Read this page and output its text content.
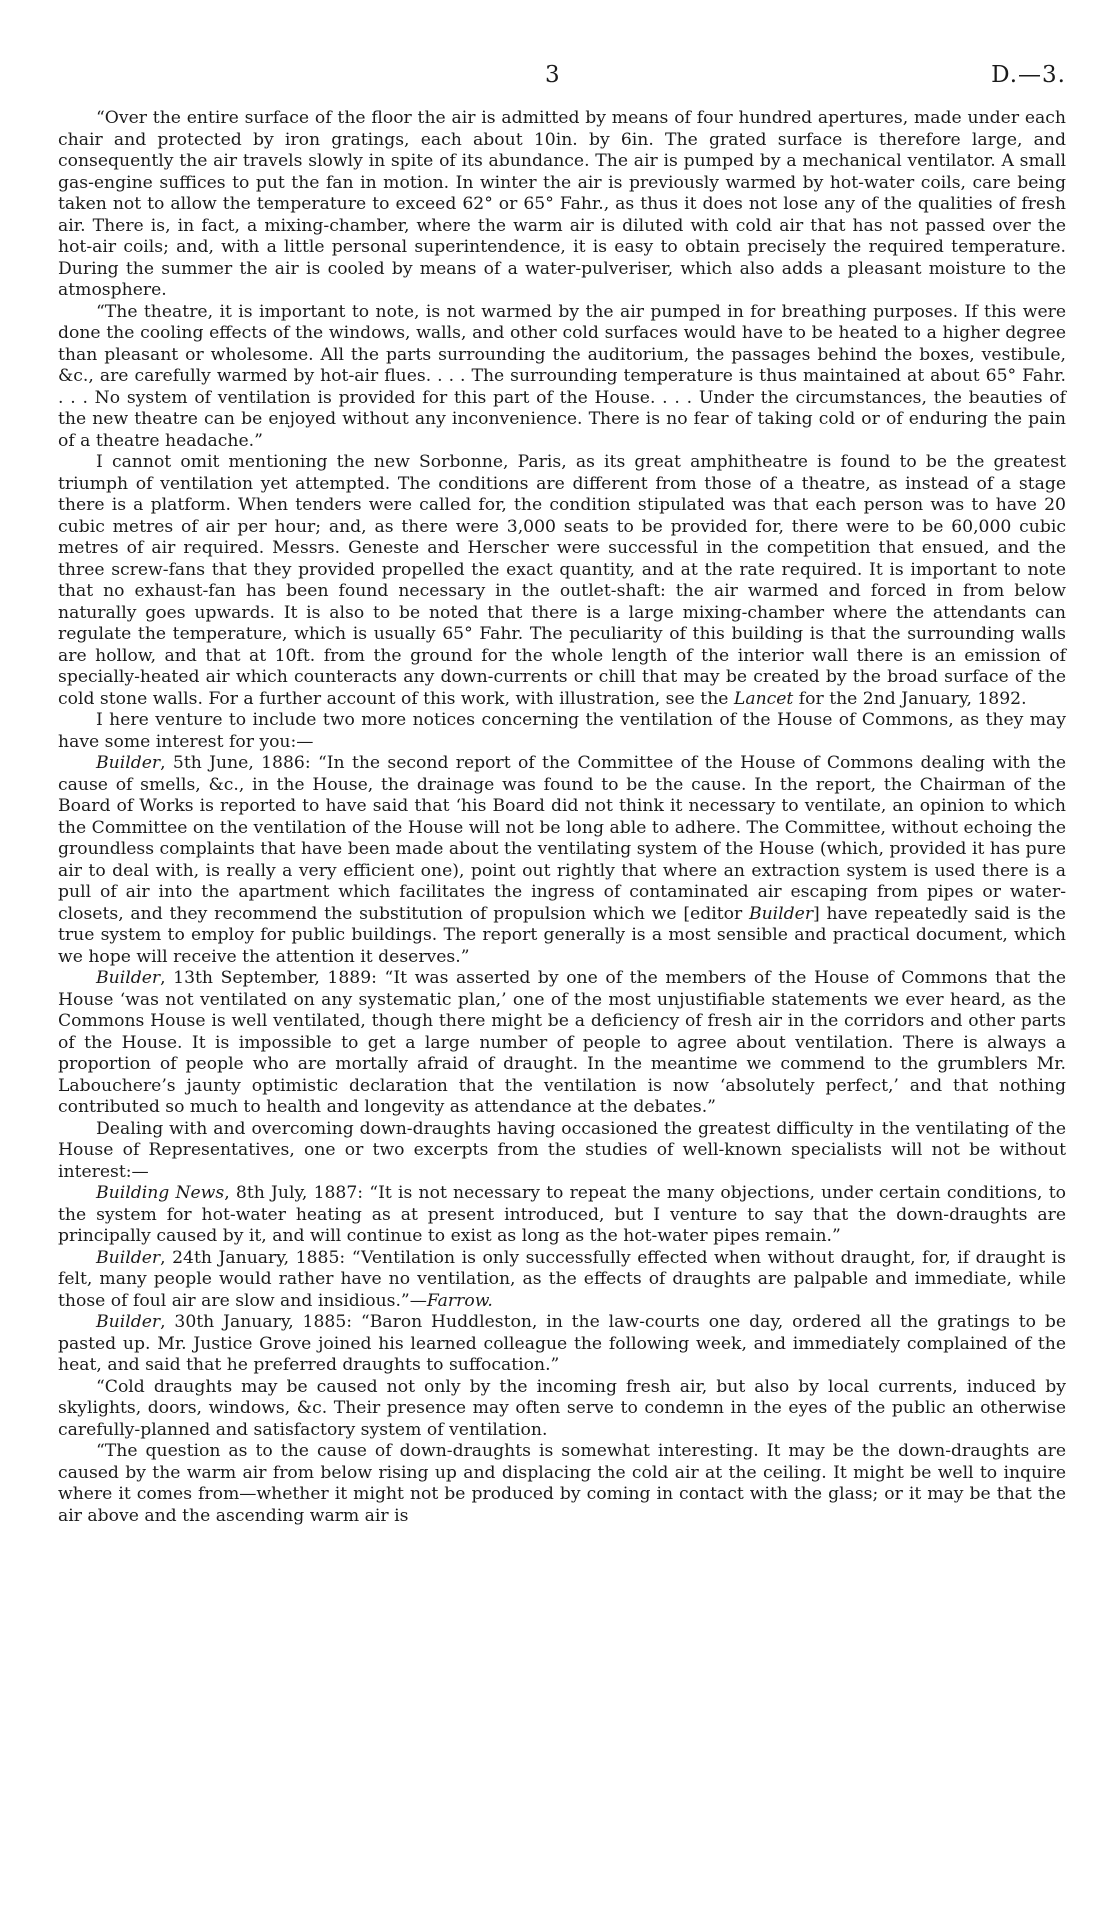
3	D.—3.

“Over the entire surface of the floor the air is admitted by means of four hundred apertures, made under each chair and protected by iron gratings, each about 10in. by 6in. The grated surface is therefore large, and consequently the air travels slowly in spite of its abundance. The air is pumped by a mechanical ventilator. A small gas-engine suffices to put the fan in motion. In winter the air is previously warmed by hot-water coils, care being taken not to allow the temperature to exceed 62° or 65° Fahr., as thus it does not lose any of the qualities of fresh air. There is, in fact, a mixing-chamber, where the warm air is diluted with cold air that has not passed over the hot-air coils; and, with a little personal superintendence, it is easy to obtain precisely the required temperature. During the summer the air is cooled by means of a water-pulveriser, which also adds a pleasant moisture to the atmosphere.

“The theatre, it is important to note, is not warmed by the air pumped in for breathing purposes. If this were done the cooling effects of the windows, walls, and other cold surfaces would have to be heated to a higher degree than pleasant or wholesome. All the parts surrounding the auditorium, the passages behind the boxes, vestibule, &c., are carefully warmed by hot-air flues. . . . The surrounding temperature is thus maintained at about 65° Fahr. . . . No system of ventilation is provided for this part of the House. . . . Under the circumstances, the beauties of the new theatre can be enjoyed without any inconvenience. There is no fear of taking cold or of enduring the pain of a theatre headache.”

I cannot omit mentioning the new Sorbonne, Paris, as its great amphitheatre is found to be the greatest triumph of ventilation yet attempted. The conditions are different from those of a theatre, as instead of a stage there is a platform. When tenders were called for, the condition stipulated was that each person was to have 20 cubic metres of air per hour; and, as there were 3,000 seats to be provided for, there were to be 60,000 cubic metres of air required. Messrs. Geneste and Herscher were successful in the competition that ensued, and the three screw-fans that they provided propelled the exact quantity, and at the rate required. It is important to note that no exhaust-fan has been found necessary in the outlet-shaft: the air warmed and forced in from below naturally goes upwards. It is also to be noted that there is a large mixing-chamber where the attendants can regulate the temperature, which is usually 65° Fahr. The peculiarity of this building is that the surrounding walls are hollow, and that at 10ft. from the ground for the whole length of the interior wall there is an emission of specially-heated air which counteracts any down-currents or chill that may be created by the broad surface of the cold stone walls. For a further account of this work, with illustration, see the Lancet for the 2nd January, 1892.

I here venture to include two more notices concerning the ventilation of the House of Commons, as they may have some interest for you:—

Builder, 5th June, 1886: “In the second report of the Committee of the House of Commons dealing with the cause of smells, &c., in the House, the drainage was found to be the cause. In the report, the Chairman of the Board of Works is reported to have said that ‘his Board did not think it necessary to ventilate, an opinion to which the Committee on the ventilation of the House will not be long able to adhere. The Committee, without echoing the groundless complaints that have been made about the ventilating system of the House (which, provided it has pure air to deal with, is really a very efficient one), point out rightly that where an extraction system is used there is a pull of air into the apartment which facilitates the ingress of contaminated air escaping from pipes or water-closets, and they recommend the substitution of propulsion which we [editor Builder] have repeatedly said is the true system to employ for public buildings. The report generally is a most sensible and practical document, which we hope will receive the attention it deserves.”

Builder, 13th September, 1889: “It was asserted by one of the members of the House of Commons that the House ‘was not ventilated on any systematic plan,’ one of the most unjustifiable statements we ever heard, as the Commons House is well ventilated, though there might be a deficiency of fresh air in the corridors and other parts of the House. It is impossible to get a large number of people to agree about ventilation. There is always a proportion of people who are mortally afraid of draught. In the meantime we commend to the grumblers Mr. Labouchere’s jaunty optimistic declaration that the ventilation is now ‘absolutely perfect,’ and that nothing contributed so much to health and longevity as attendance at the debates.”

Dealing with and overcoming down-draughts having occasioned the greatest difficulty in the ventilating of the House of Representatives, one or two excerpts from the studies of well-known specialists will not be without interest:—

Building News, 8th July, 1887: “It is not necessary to repeat the many objections, under certain conditions, to the system for hot-water heating as at present introduced, but I venture to say that the down-draughts are principally caused by it, and will continue to exist as long as the hot-water pipes remain.”

Builder, 24th January, 1885: “Ventilation is only successfully effected when without draught, for, if draught is felt, many people would rather have no ventilation, as the effects of draughts are palpable and immediate, while those of foul air are slow and insidious.”—Farrow.

Builder, 30th January, 1885: “Baron Huddleston, in the law-courts one day, ordered all the gratings to be pasted up. Mr. Justice Grove joined his learned colleague the following week, and immediately complained of the heat, and said that he preferred draughts to suffocation.”

“Cold draughts may be caused not only by the incoming fresh air, but also by local currents, induced by skylights, doors, windows, &c. Their presence may often serve to condemn in the eyes of the public an otherwise carefully-planned and satisfactory system of ventilation.

“The question as to the cause of down-draughts is somewhat interesting. It may be the down-draughts are caused by the warm air from below rising up and displacing the cold air at the ceiling. It might be well to inquire where it comes from—whether it might not be produced by coming in contact with the glass; or it may be that the air above and the ascending warm air is
